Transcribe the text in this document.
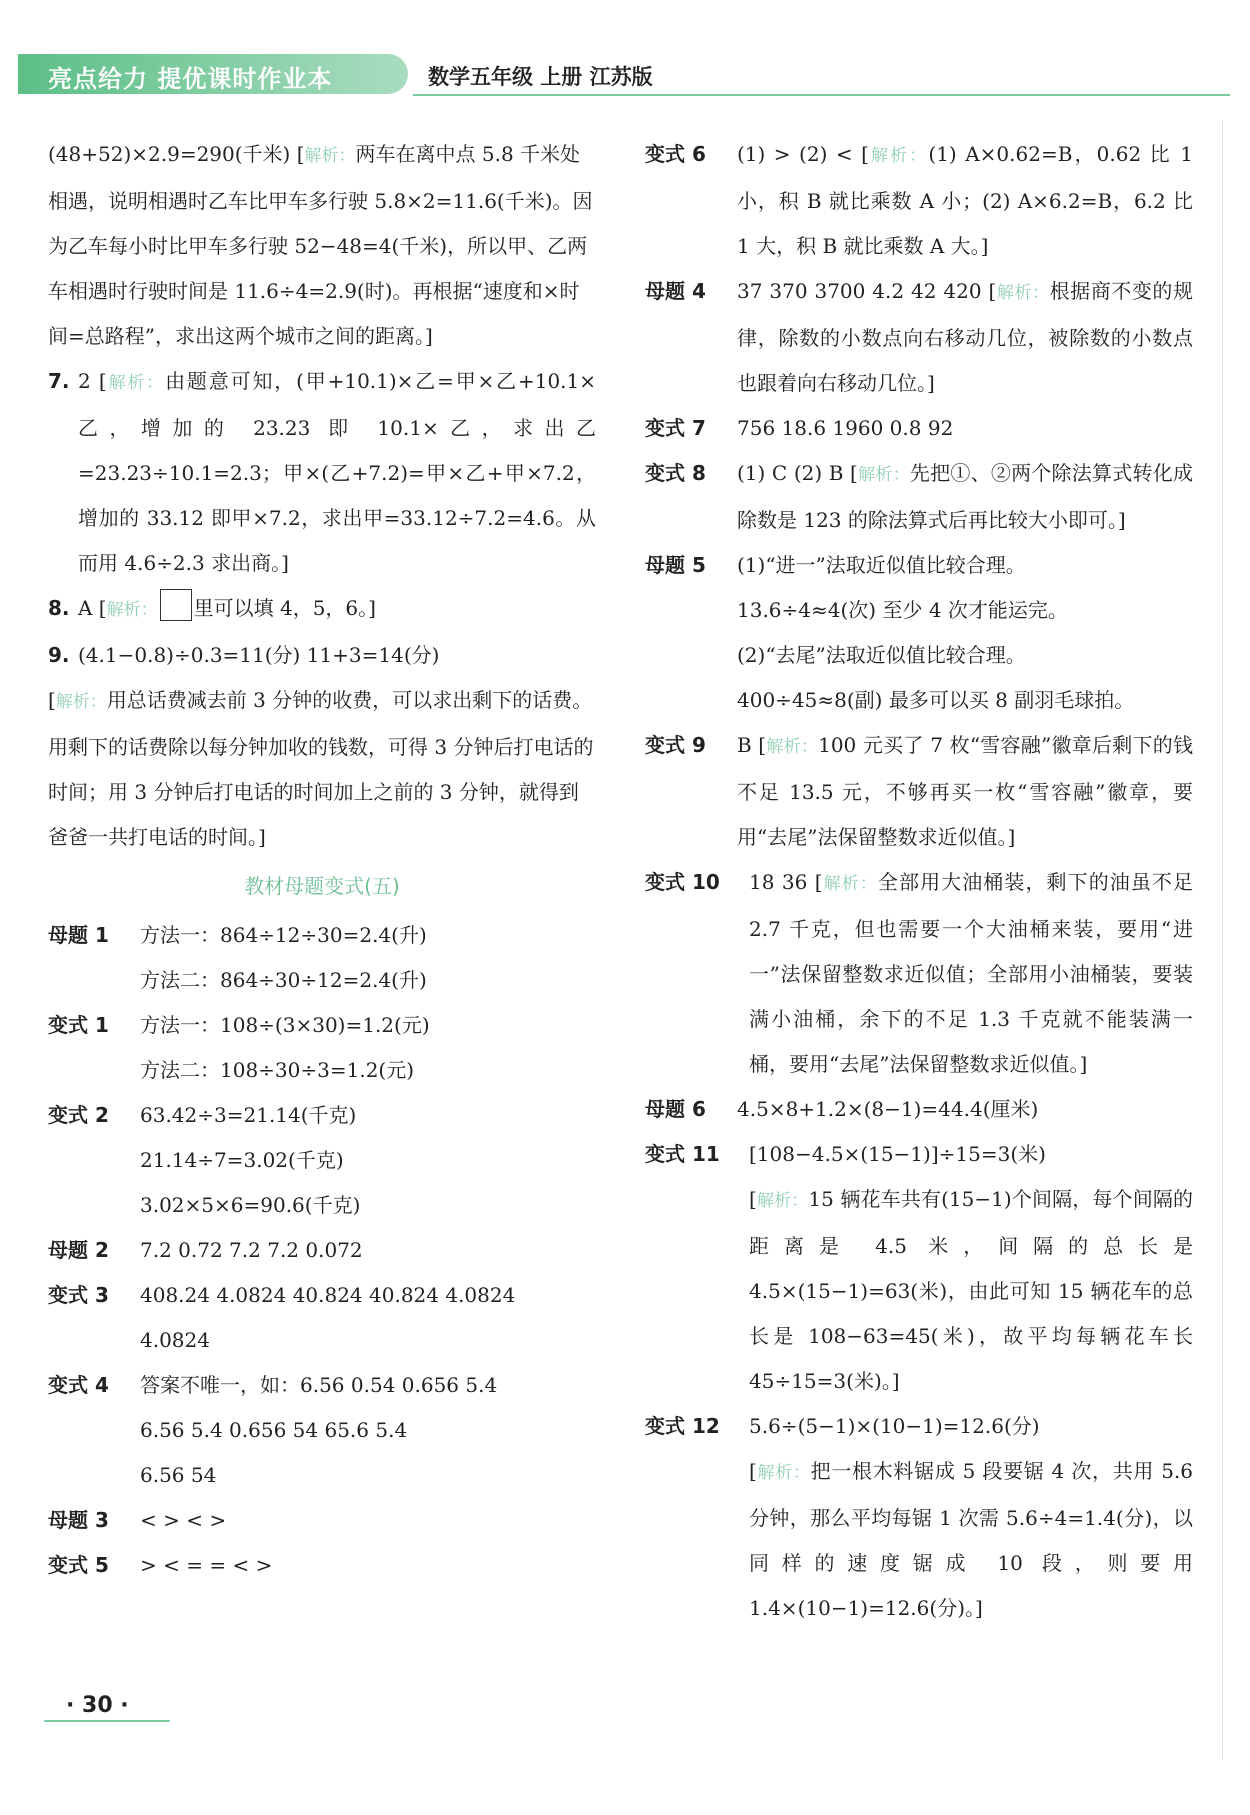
亮点给力 提优课时作业本	数学五年级 上册 江苏版
(48+52)×2.9=290(千米) [解析：两车在离中点 5.8 千米处相遇，说明相遇时乙车比甲车多行驶 5.8×2=11.6(千米)。因为乙车每小时比甲车多行驶 52−48=4(千米)，所以甲、乙两车相遇时行驶时间是 11.6÷4=2.9(时)。再根据“速度和×时间=总路程”，求出这两个城市之间的距离。]
7. 2 [解析：由题意可知，(甲+10.1)×乙=甲×乙+10.1×乙，增加的 23.23 即 10.1×乙，求出乙=23.23÷10.1=2.3；甲×(乙+7.2)=甲×乙+甲×7.2，增加的 33.12 即甲×7.2，求出甲=33.12÷7.2=4.6。从而用 4.6÷2.3 求出商。]
8. A [解析： 里可以填 4，5，6。]
9. (4.1−0.8)÷0.3=11(分) 11+3=14(分)
[解析：用总话费减去前 3 分钟的收费，可以求出剩下的话费。用剩下的话费除以每分钟加收的钱数，可得 3 分钟后打电话的时间；用 3 分钟后打电话的时间加上之前的 3 分钟，就得到爸爸一共打电话的时间。]
教材母题变式(五)
母题 1 方法一：864÷12÷30=2.4(升)
方法二：864÷30÷12=2.4(升)
变式 1 方法一：108÷(3×30)=1.2(元)
方法二：108÷30÷3=1.2(元)
变式 2 63.42÷3=21.14(千克)
21.14÷7=3.02(千克)
3.02×5×6=90.6(千克)
母题 2 7.2 0.72 7.2 7.2 0.072
变式 3 408.24 4.0824 40.824 40.824 4.0824
4.0824
变式 4 答案不唯一，如：6.56 0.54 0.656 5.4
6.56 5.4 0.656 54 65.6 5.4
6.56 54
母题 3 < > < >
变式 5 > < = = < >
变式 6 (1) > (2) < [解析：(1) A×0.62=B，0.62 比 1 小，积 B 就比乘数 A 小；(2) A×6.2=B，6.2 比 1 大，积 B 就比乘数 A 大。]
母题 4 37 370 3700 4.2 42 420 [解析：根据商不变的规律，除数的小数点向右移动几位，被除数的小数点也跟着向右移动几位。]
变式 7 756 18.6 1960 0.8 92
变式 8 (1) C (2) B [解析：先把①、②两个除法算式转化成除数是 123 的除法算式后再比较大小即可。]
母题 5 (1)“进一”法取近似值比较合理。
13.6÷4≈4(次) 至少 4 次才能运完。
(2)“去尾”法取近似值比较合理。
400÷45≈8(副) 最多可以买 8 副羽毛球拍。
变式 9 B [解析：100 元买了 7 枚“雪容融”徽章后剩下的钱不足 13.5 元，不够再买一枚“雪容融”徽章，要用“去尾”法保留整数求近似值。]
变式 10 18 36 [解析：全部用大油桶装，剩下的油虽不足 2.7 千克，但也需要一个大油桶来装，要用“进一”法保留整数求近似值；全部用小油桶装，要装满小油桶，余下的不足 1.3 千克就不能装满一桶，要用“去尾”法保留整数求近似值。]
母题 6 4.5×8+1.2×(8−1)=44.4(厘米)
变式 11 [108−4.5×(15−1)]÷15=3(米)
[解析：15 辆花车共有(15−1)个间隔，每个间隔的距离是 4.5 米，间隔的总长是 4.5×(15−1)=63(米)，由此可知 15 辆花车的总长是 108−63=45(米)，故平均每辆花车长 45÷15=3(米)。]
变式 12 5.6÷(5−1)×(10−1)=12.6(分)
[解析：把一根木料锯成 5 段要锯 4 次，共用 5.6 分钟，那么平均每锯 1 次需 5.6÷4=1.4(分)，以同样的速度锯成 10 段，则要用 1.4×(10−1)=12.6(分)。]
· 30 ·
